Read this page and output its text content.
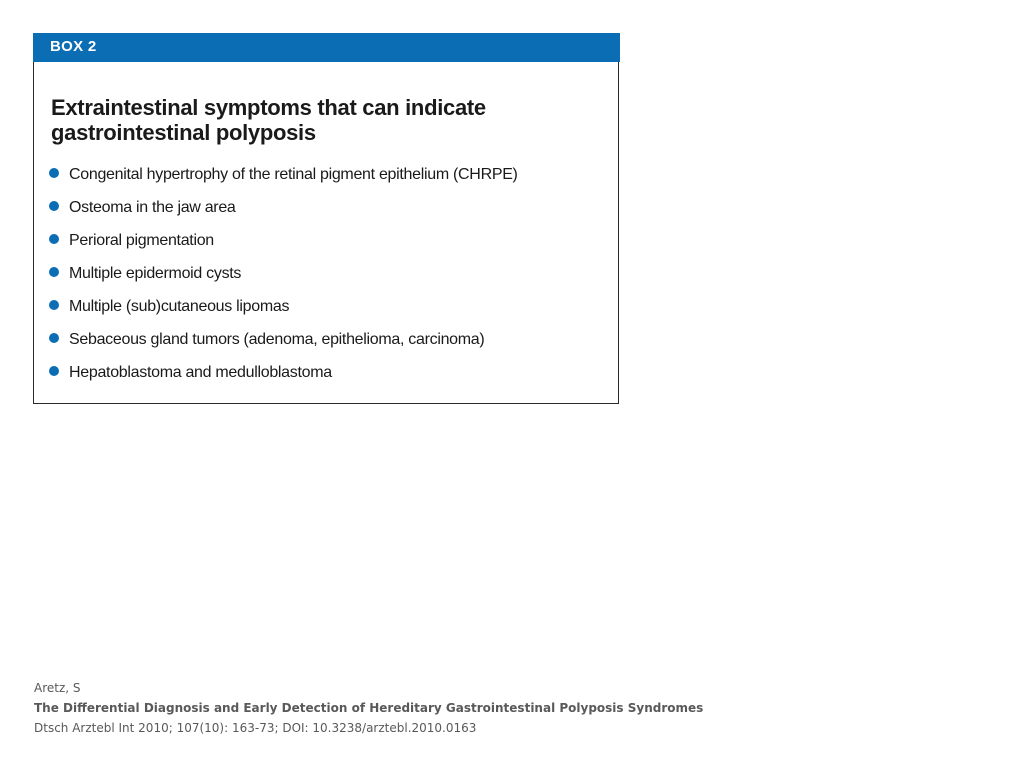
BOX 2
Extraintestinal symptoms that can indicate gastrointestinal polyposis
Congenital hypertrophy of the retinal pigment epithelium (CHRPE)
Osteoma in the jaw area
Perioral pigmentation
Multiple epidermoid cysts
Multiple (sub)cutaneous lipomas
Sebaceous gland tumors (adenoma, epithelioma, carcinoma)
Hepatoblastoma and medulloblastoma
Aretz, S
The Differential Diagnosis and Early Detection of Hereditary Gastrointestinal Polyposis Syndromes
Dtsch Arztebl Int 2010; 107(10): 163-73; DOI: 10.3238/arztebl.2010.0163
